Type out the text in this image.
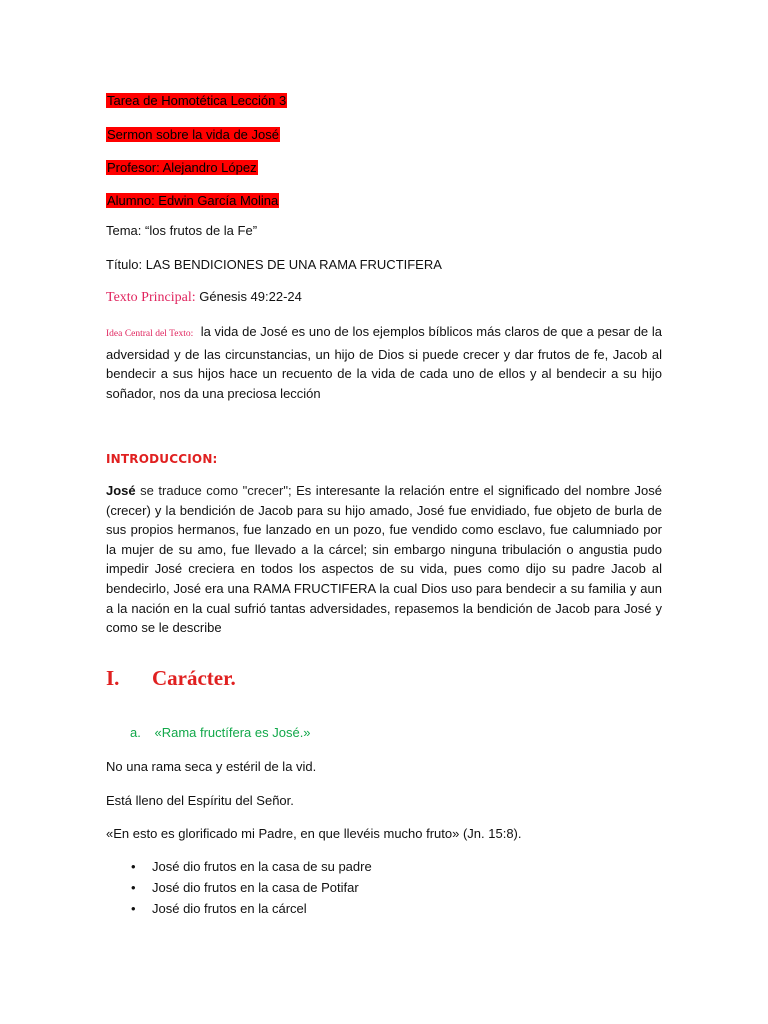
Tarea de Homotética Lección 3
Sermon sobre la vida de José
Profesor: Alejandro López
Alumno: Edwin García Molina
Tema: “los frutos de la Fe”
Título: LAS BENDICIONES DE UNA RAMA FRUCTIFERA
Texto Principal: Génesis 49:22-24
Idea Central del Texto: la vida de José es uno de los ejemplos bíblicos más claros de que a pesar de la adversidad y de las circunstancias, un hijo de Dios si puede crecer y dar frutos de fe, Jacob al bendecir a sus hijos hace un recuento de la vida de cada uno de ellos y al bendecir a su hijo soñador, nos da una preciosa lección
INTRODUCCION:
José se traduce como "crecer"; Es interesante la relación entre el significado del nombre José (crecer) y la bendición de Jacob para su hijo amado, José fue envidiado, fue objeto de burla de sus propios hermanos, fue lanzado en un pozo, fue vendido como esclavo, fue calumniado por la mujer de su amo, fue llevado a la cárcel; sin embargo ninguna tribulación o angustia pudo impedir José creciera en todos los aspectos de su vida, pues como dijo su padre Jacob al bendecirlo, José era una RAMA FRUCTIFERA la cual Dios uso para bendecir a su familia y aun a la nación en la cual sufrió tantas adversidades, repasemos la bendición de Jacob para José y como se le describe
I. Carácter.
a. «Rama fructífera es José.»
No una rama seca y estéril de la vid.
Está lleno del Espíritu del Señor.
«En esto es glorificado mi Padre, en que llevéis mucho fruto» (Jn. 15:8).
• José dio frutos en la casa de su padre
• José dio frutos en la casa de Potifar
• José dio frutos en la cárcel
